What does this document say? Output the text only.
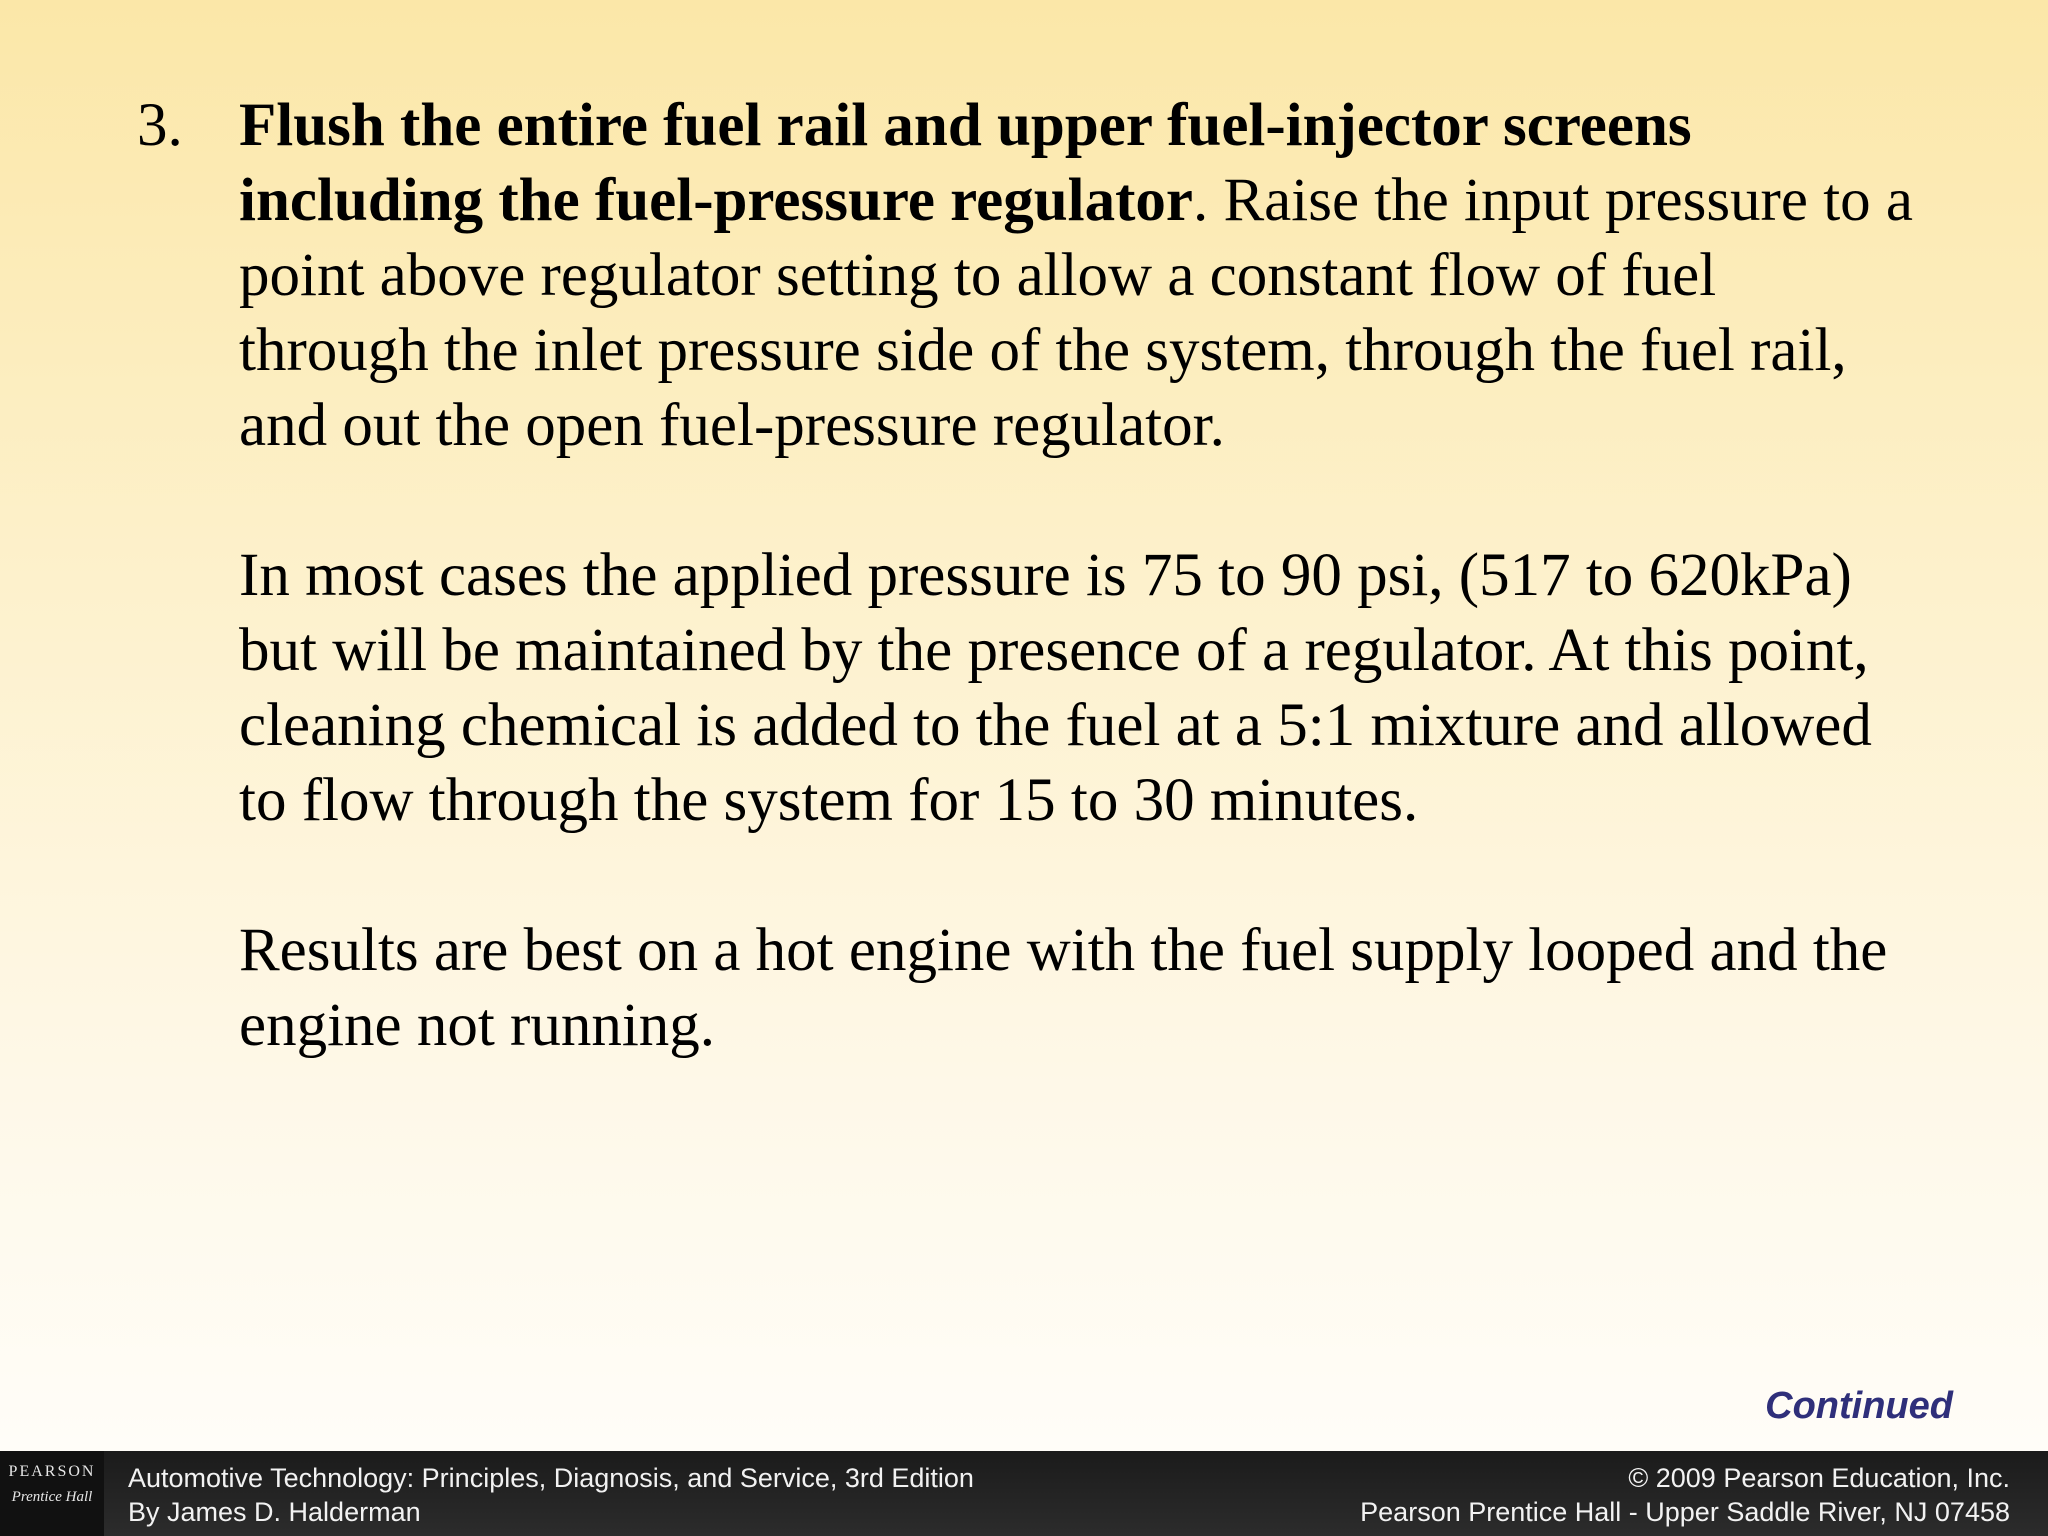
3. Flush the entire fuel rail and upper fuel-injector screens including the fuel-pressure regulator. Raise the input pressure to a point above regulator setting to allow a constant flow of fuel through the inlet pressure side of the system, through the fuel rail, and out the open fuel-pressure regulator.

In most cases the applied pressure is 75 to 90 psi, (517 to 620kPa) but will be maintained by the presence of a regulator. At this point, cleaning chemical is added to the fuel at a 5:1 mixture and allowed to flow through the system for 15 to 30 minutes.

Results are best on a hot engine with the fuel supply looped and the engine not running.

Continued
PEARSON
Prentice Hall
Automotive Technology: Principles, Diagnosis, and Service, 3rd Edition
By James D. Halderman
© 2009 Pearson Education, Inc.
Pearson Prentice Hall - Upper Saddle River, NJ 07458
